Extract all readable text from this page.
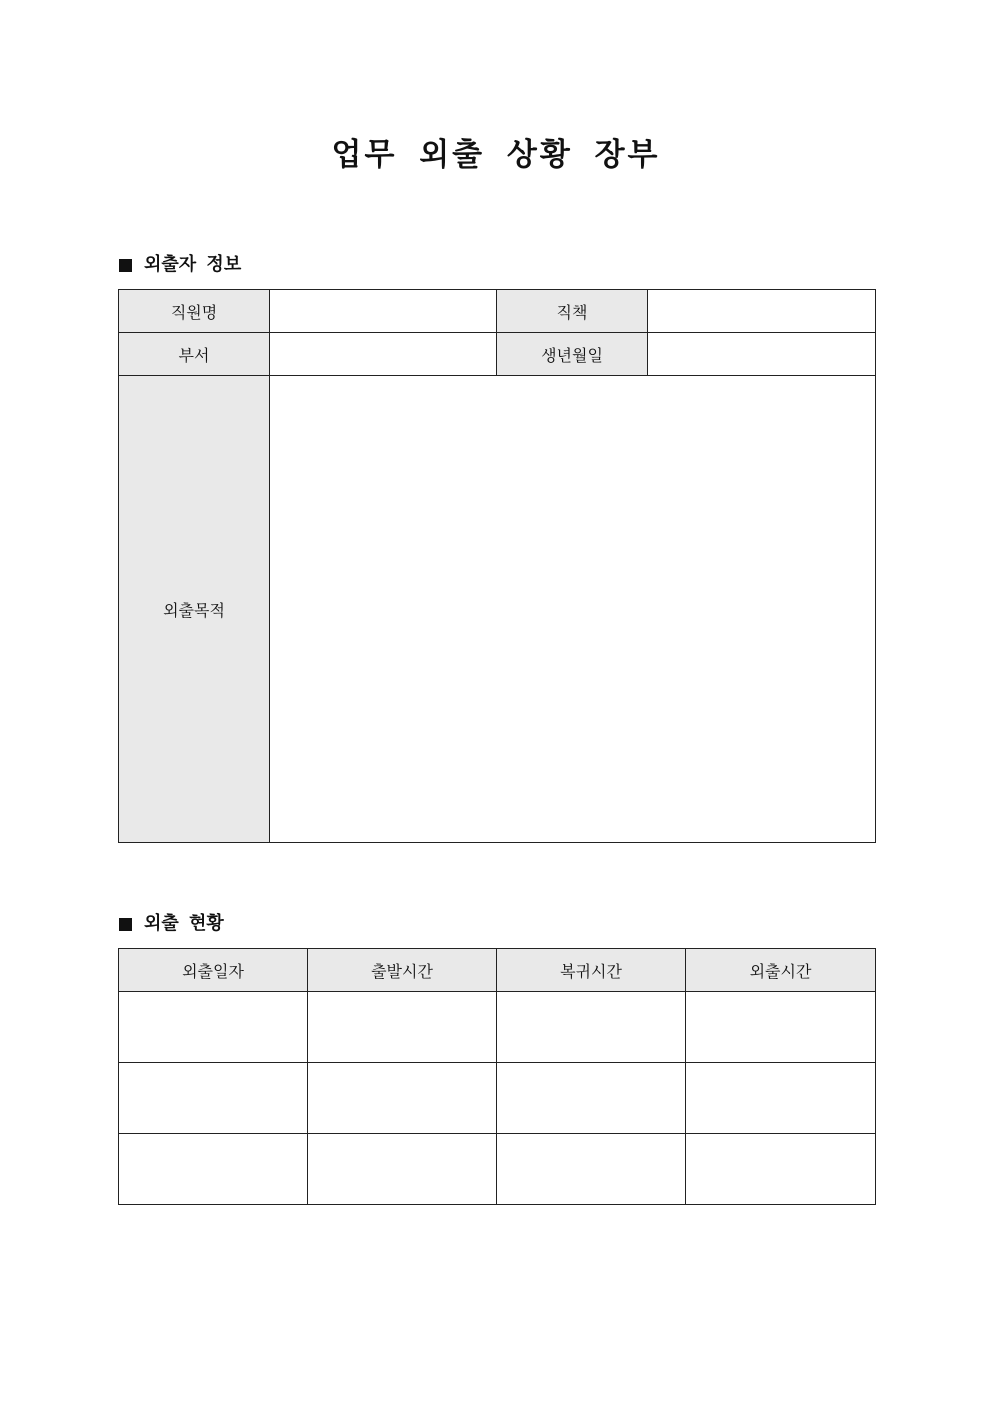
업무 외출 상황 장부
외출자 정보
직원명		직책	
부서		생년월일	
외출목적			
외출 현황
외출일자	출발시간	복귀시간	외출시간
